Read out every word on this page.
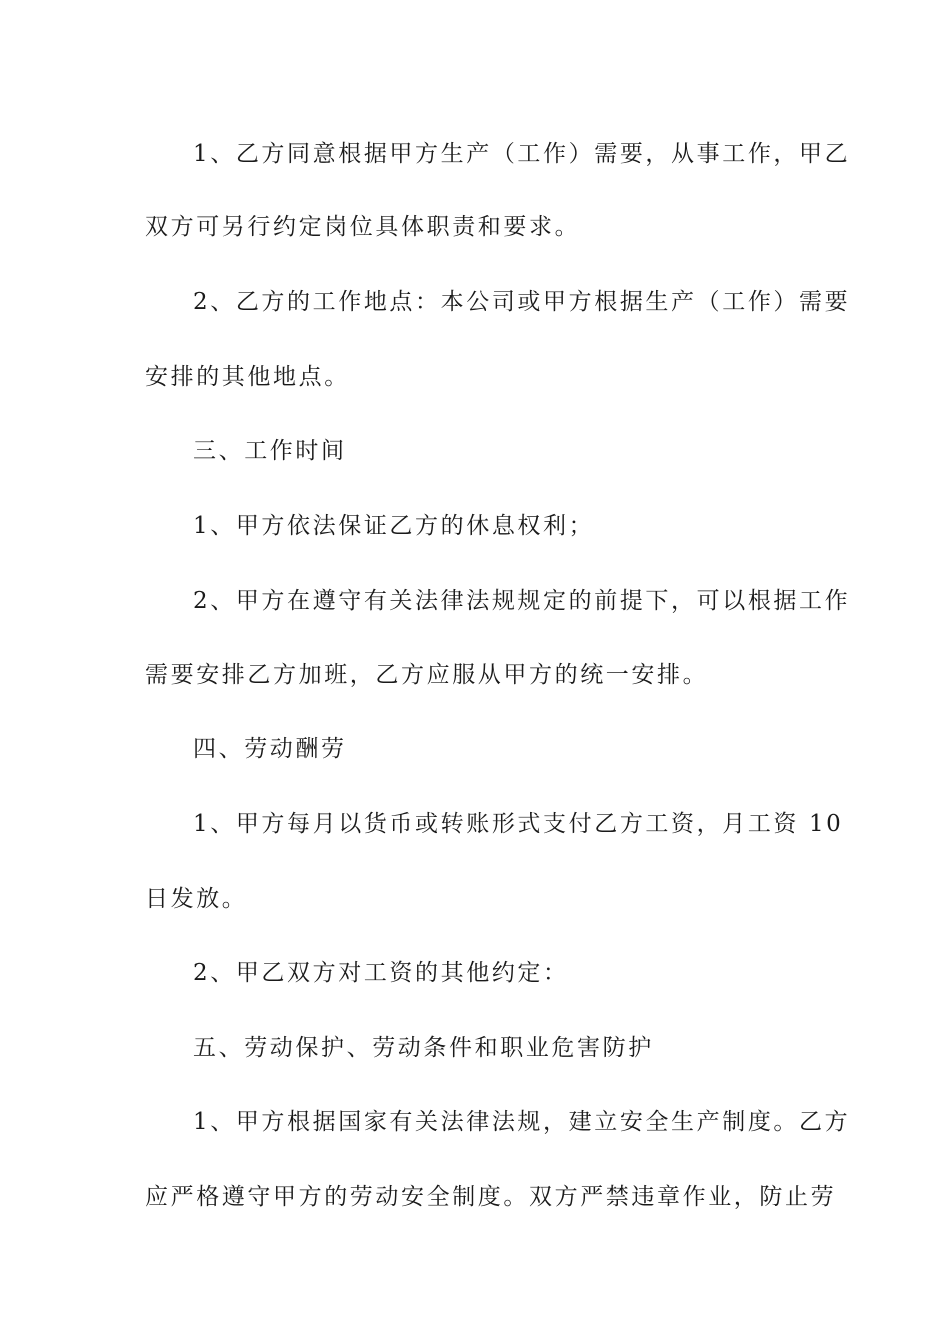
1、乙方同意根据甲方生产（工作）需要，从事工作，甲乙
双方可另行约定岗位具体职责和要求。
2、乙方的工作地点：本公司或甲方根据生产（工作）需要
安排的其他地点。
三、工作时间
1、甲方依法保证乙方的休息权利；
2、甲方在遵守有关法律法规规定的前提下，可以根据工作
需要安排乙方加班，乙方应服从甲方的统一安排。
四、劳动酬劳
1、甲方每月以货币或转账形式支付乙方工资，月工资 10
日发放。
2、甲乙双方对工资的其他约定：
五、劳动保护、劳动条件和职业危害防护
1、甲方根据国家有关法律法规，建立安全生产制度。乙方
应严格遵守甲方的劳动安全制度。双方严禁违章作业，防止劳
